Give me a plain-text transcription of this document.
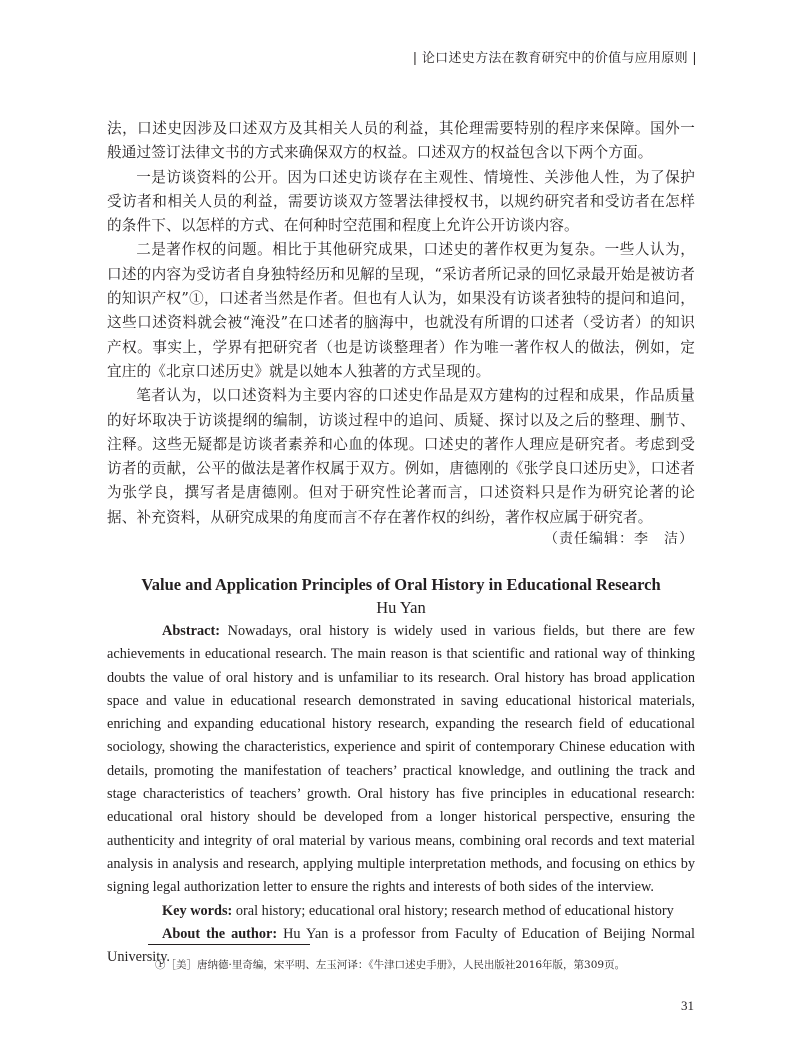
| 论口述史方法在教育研究中的价值与应用原则 |

法，口述史因涉及口述双方及其相关人员的利益，其伦理需要特别的程序来保障。国外一般通过签订法律文书的方式来确保双方的权益。口述双方的权益包含以下两个方面。

一是访谈资料的公开。因为口述史访谈存在主观性、情境性、关涉他人性，为了保护受访者和相关人员的利益，需要访谈双方签署法律授权书，以规约研究者和受访者在怎样的条件下、以怎样的方式、在何种时空范围和程度上允许公开访谈内容。

二是著作权的问题。相比于其他研究成果，口述史的著作权更为复杂。一些人认为，口述的内容为受访者自身独特经历和见解的呈现，“采访者所记录的回忆录最开始是被访者的知识产权”①，口述者当然是作者。但也有人认为，如果没有访谈者独特的提问和追问，这些口述资料就会被“淹没”在口述者的脑海中，也就没有所谓的口述者（受访者）的知识产权。事实上，学界有把研究者（也是访谈整理者）作为唯一著作权人的做法，例如，定宜庄的《北京口述历史》就是以她本人独著的方式呈现的。

笔者认为，以口述资料为主要内容的口述史作品是双方建构的过程和成果，作品质量的好坏取决于访谈提纲的编制，访谈过程中的追问、质疑、探讨以及之后的整理、删节、注释。这些无疑都是访谈者素养和心血的体现。口述史的著作人理应是研究者。考虑到受访者的贡献，公平的做法是著作权属于双方。例如，唐德刚的《张学良口述历史》，口述者为张学良，撰写者是唐德刚。但对于研究性论著而言，口述资料只是作为研究论著的论据、补充资料，从研究成果的角度而言不存在著作权的纠纷，著作权应属于研究者。

（责任编辑：李　洁）
Value and Application Principles of Oral History in Educational Research
Hu Yan

Abstract: Nowadays, oral history is widely used in various fields, but there are few achievements in educational research. The main reason is that scientific and rational way of thinking doubts the value of oral history and is unfamiliar to its research. Oral history has broad application space and value in educational research demonstrated in saving educational historical materials, enriching and expanding educational history research, expanding the research field of educational sociology, showing the characteristics, experience and spirit of contemporary Chinese education with details, promoting the manifestation of teachers’ practical knowledge, and outlining the track and stage characteristics of teachers’ growth. Oral history has five principles in educational research: educational oral history should be developed from a longer historical perspective, ensuring the authenticity and integrity of oral material by various means, combining oral records and text material analysis in analysis and research, applying multiple interpretation methods, and focusing on ethics by signing legal authorization letter to ensure the rights and interests of both sides of the interview.

Key words: oral history; educational oral history; research method of educational history

About the author: Hu Yan is a professor from Faculty of Education of Beijing Normal University.

①［美］唐纳德·里奇编，宋平明、左玉河译：《牛津口述史手册》，人民出版社2016年版，第309页。
31
